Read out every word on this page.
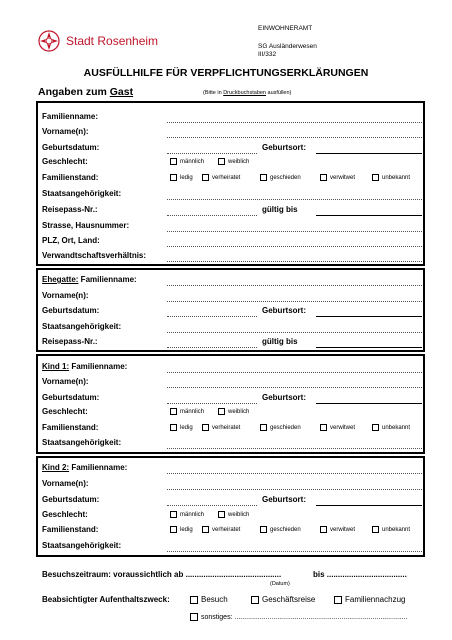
Stadt Rosenheim
EINWOHNERAMT
SG Ausländerwesen
III/332
AUSFÜLLHILFE FÜR VERPFLICHTUNGSERKLÄRUNGEN
Angaben zum Gast	(Bitte in Druckbuchstaben ausfüllen)
Familienname:
Vorname(n):
Geburtsdatum:	Geburtsort:
Geschlecht:	männlich	weiblich
Familienstand:	ledig	verheiratet	geschieden	verwitwet	unbekannt
Staatsangehörigkeit:
Reisepass-Nr.:	gültig bis
Strasse, Hausnummer:
PLZ, Ort, Land:
Verwandtschaftsverhältnis:
Ehegatte: Familienname:
Vorname(n):
Geburtsdatum:	Geburtsort:
Staatsangehörigkeit:
Reisepass-Nr.:	gültig bis
Kind 1: Familienname:
Vorname(n):
Geburtsdatum:	Geburtsort:
Geschlecht:	männlich	weiblich
Familienstand:	ledig	verheiratet	geschieden	verwitwet	unbekannt
Staatsangehörigkeit:
Kind 2: Familienname:
Vorname(n):
Geburtsdatum:	Geburtsort:
Geschlecht:	männlich	weiblich
Familienstand:	ledig	verheiratet	geschieden	verwitwet	unbekannt
Staatsangehörigkeit:
Besuchszeitraum: voraussichtlich ab ...........................................	bis ....................................
(Datum)
Beabsichtigter Aufenthaltszweck:	Besuch	Geschäftsreise	Familiennachzug
sonstiges: .........................................................................................
